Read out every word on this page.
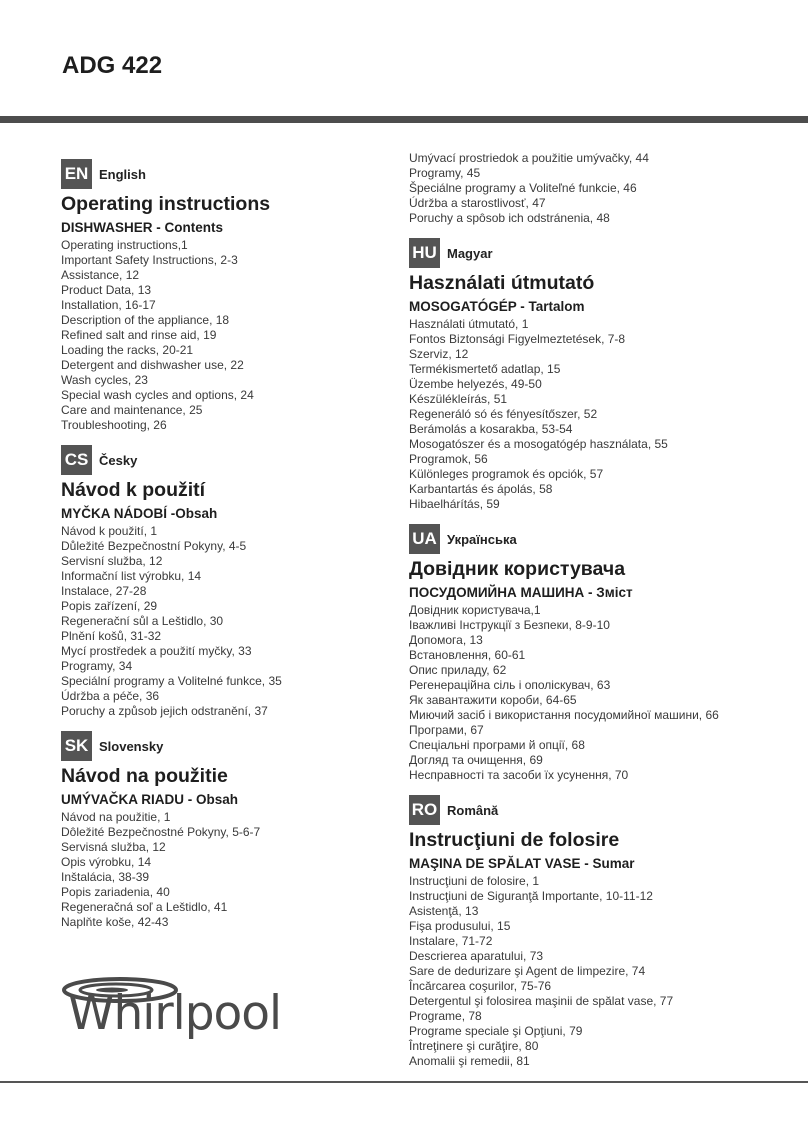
ADG 422
EN English
Operating instructions
DISHWASHER - Contents
Operating instructions,1
Important Safety Instructions, 2-3
Assistance, 12
Product Data, 13
Installation, 16-17
Description of the appliance, 18
Refined salt and rinse aid, 19
Loading the racks, 20-21
Detergent and dishwasher use, 22
Wash cycles, 23
Special wash cycles and options, 24
Care and maintenance, 25
Troubleshooting, 26
CS Česky
Návod k použití
MYČKA NÁDOBÍ -Obsah
Návod k použití, 1
Důležité Bezpečnostní Pokyny, 4-5
Servisní služba, 12
Informační list výrobku, 14
Instalace, 27-28
Popis zařízení, 29
Regenerační sůl a Leštidlo, 30
Plnění košů, 31-32
Mycí prostředek a použití myčky, 33
Programy, 34
Speciální programy a Volitelné funkce, 35
Údržba a péče, 36
Poruchy a způsob jejich odstranění, 37
SK Slovensky
Návod na použitie
UMÝVAČKA RIADU - Obsah
Návod na použitie, 1
Dôležité Bezpečnostné Pokyny, 5-6-7
Servisná služba, 12
Opis výrobku, 14
Inštalácia, 38-39
Popis zariadenia, 40
Regeneračná soľ a Leštidlo, 41
Naplňte koše, 42-43
Whirlpool
Umývací prostriedok a použitie umývačky, 44
Programy, 45
Špeciálne programy a Voliteľné funkcie, 46
Údržba a starostlivosť, 47
Poruchy a spôsob ich odstránenia, 48
HU Magyar
Használati útmutató
MOSOGATÓGÉP - Tartalom
Használati útmutató, 1
Fontos Biztonsági Figyelmeztetések, 7-8
Szerviz, 12
Termékismertető adatlap, 15
Üzembe helyezés, 49-50
Készülékleírás, 51
Regeneráló só és fényesítőszer, 52
Berámolás a kosarakba, 53-54
Mosogatószer és a mosogatógép használata, 55
Programok, 56
Különleges programok és opciók, 57
Karbantartás és ápolás, 58
Hibaelhárítás, 59
UA Українська
Довідник користувача
ПОСУДОМИЙНА МАШИНА - Зміст
Довідник користувача,1
Іважливі Інструкції з Безпеки, 8-9-10
Допомога, 13
Встановлення, 60-61
Опис приладу, 62
Регенераційна сіль і ополіскувач, 63
Як завантажити короби, 64-65
Миючий засіб і використання посудомийної машини, 66
Програми, 67
Спеціальні програми й опції, 68
Догляд та очищення, 69
Несправності та засоби їх усунення, 70
RO Română
Instrucţiuni de folosire
MAŞINA DE SPĂLAT VASE - Sumar
Instrucţiuni de folosire, 1
Instrucţiuni de Siguranţă Importante, 10-11-12
Asistenţă, 13
Fişa produsului, 15
Instalare, 71-72
Descrierea aparatului, 73
Sare de dedurizare şi Agent de limpezire, 74
Încărcarea coşurilor, 75-76
Detergentul şi folosirea maşinii de spălat vase, 77
Programe, 78
Programe speciale şi Opţiuni, 79
Întreţinere şi curăţire, 80
Anomalii şi remedii, 81
